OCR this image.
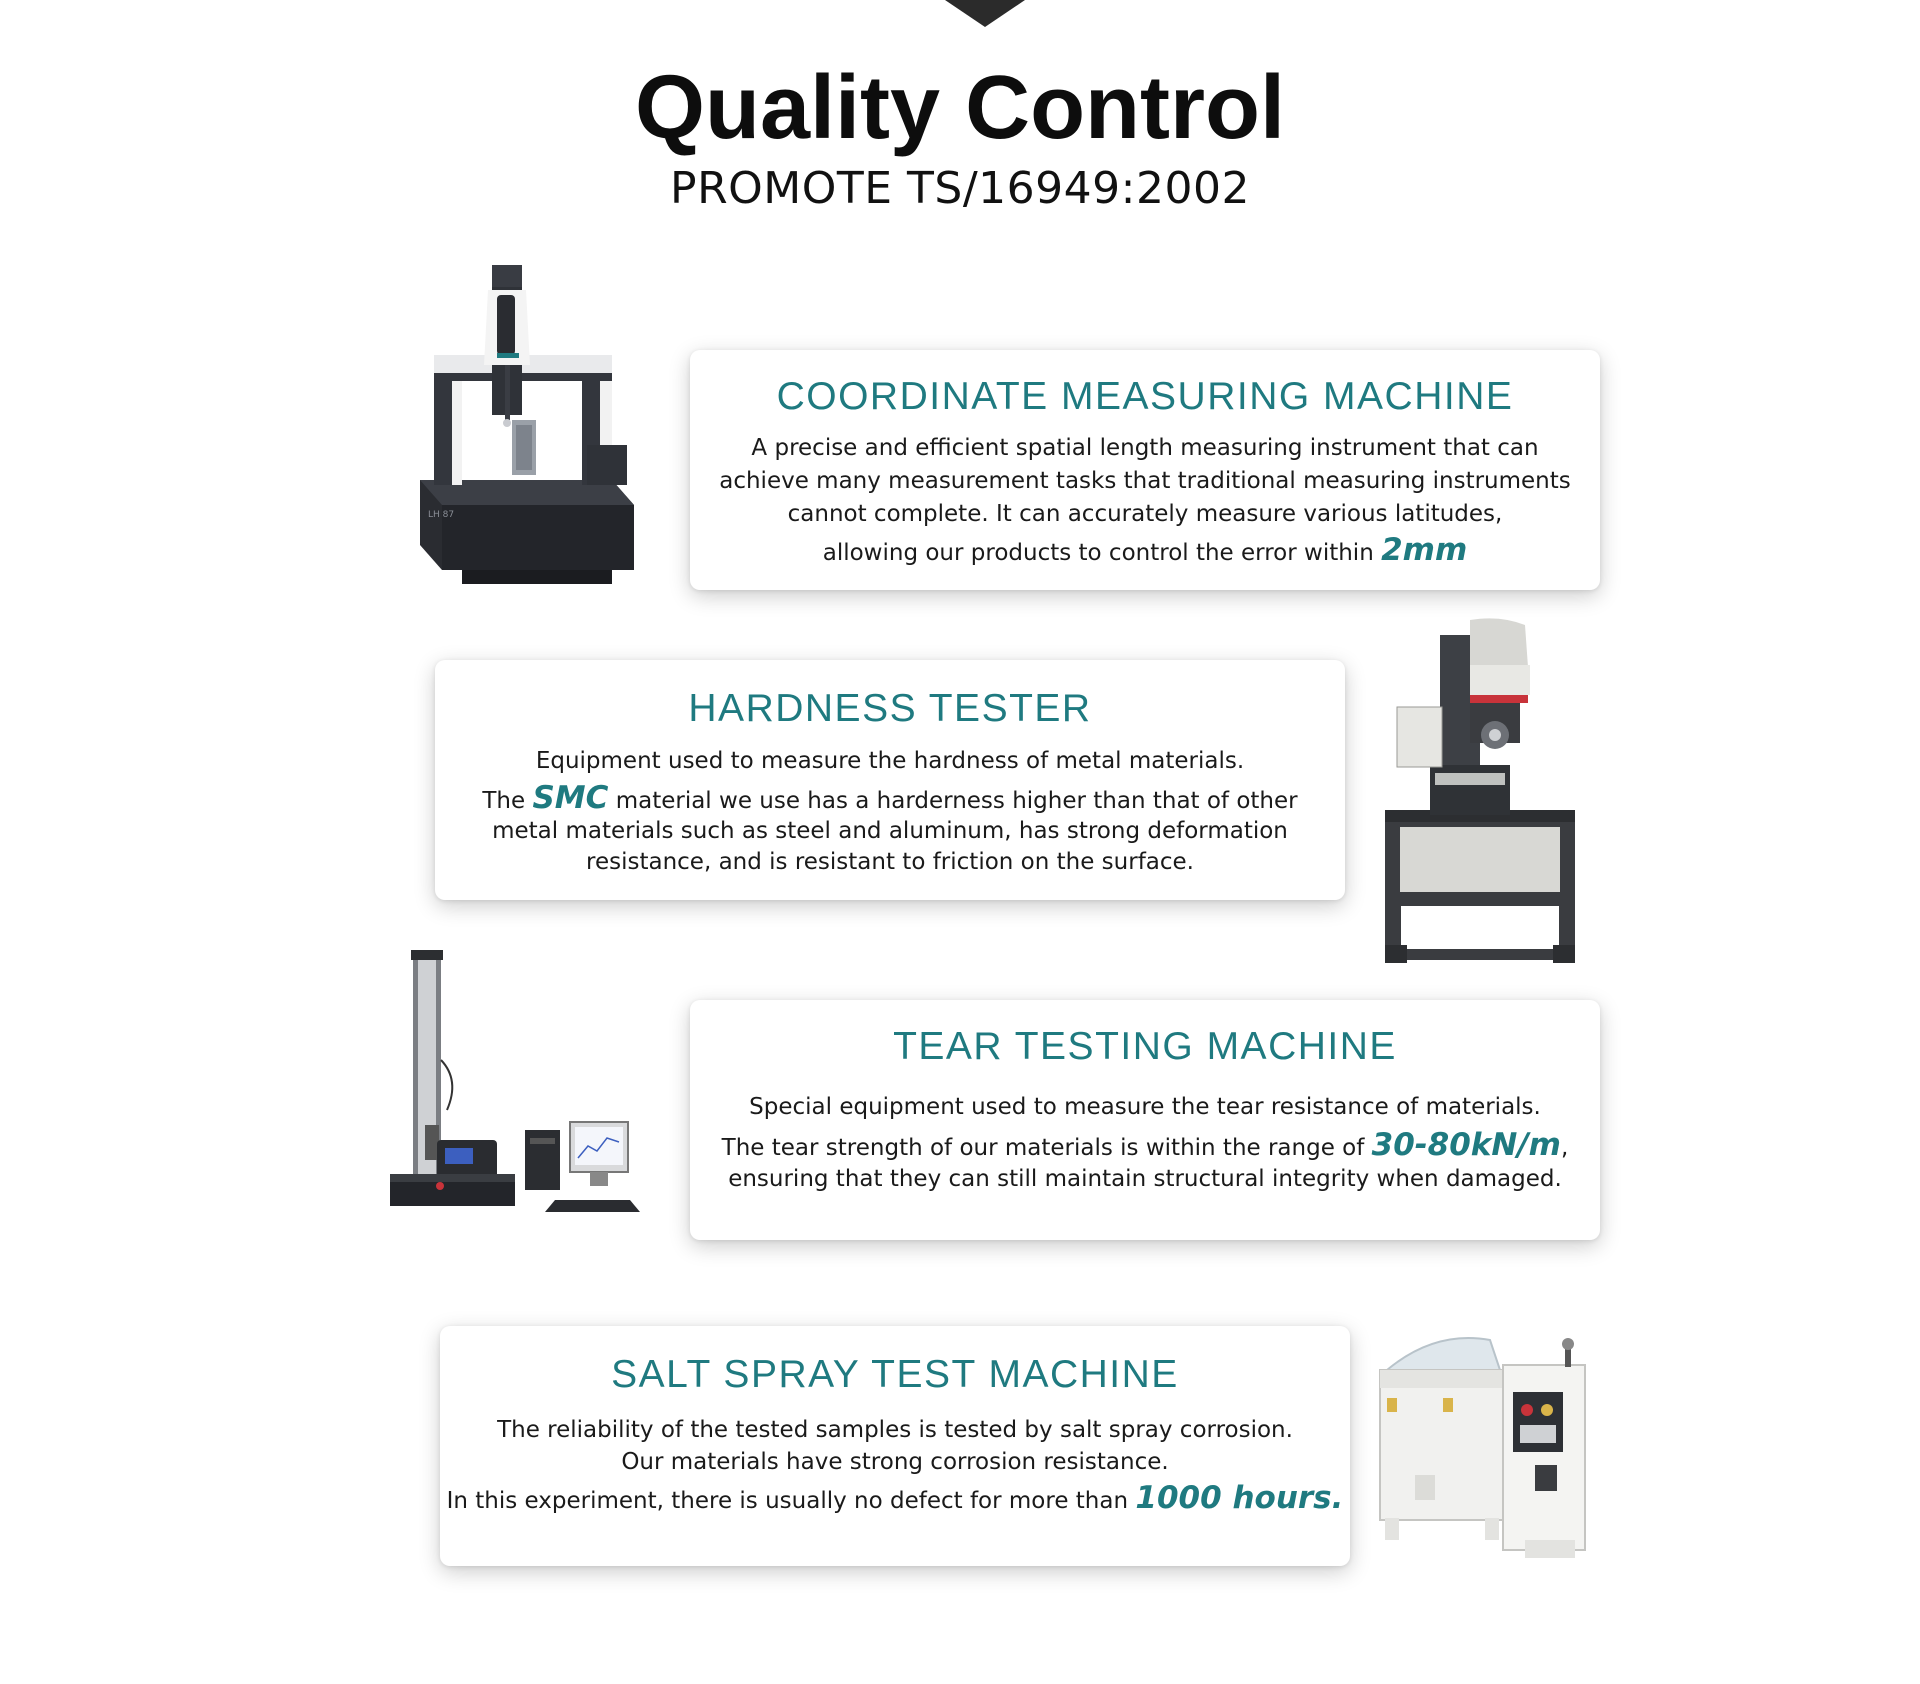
Quality Control
PROMOTE TS/16949:2002
LH 87
COORDINATE MEASURING MACHINE

A precise and efficient spatial length measuring instrument that can

achieve many measurement tasks that traditional measuring instruments

cannot complete. It can accurately measure various latitudes,

allowing our products to control the error within 2mm

HARDNESS TESTER

Equipment used to measure the hardness of metal materials.

The SMC material we use has a harderness higher than that of other

metal materials such as steel and aluminum, has strong deformation

resistance, and is resistant to friction on the surface.

TEAR TESTING MACHINE

Special equipment used to measure the tear resistance of materials.

The tear strength of our materials is within the range of 30-80kN/m,

ensuring that they can still maintain structural integrity when damaged.

SALT SPRAY TEST MACHINE

The reliability of the tested samples is tested by salt spray corrosion.

Our materials have strong corrosion resistance.

In this experiment, there is usually no defect for more than 1000 hours.
